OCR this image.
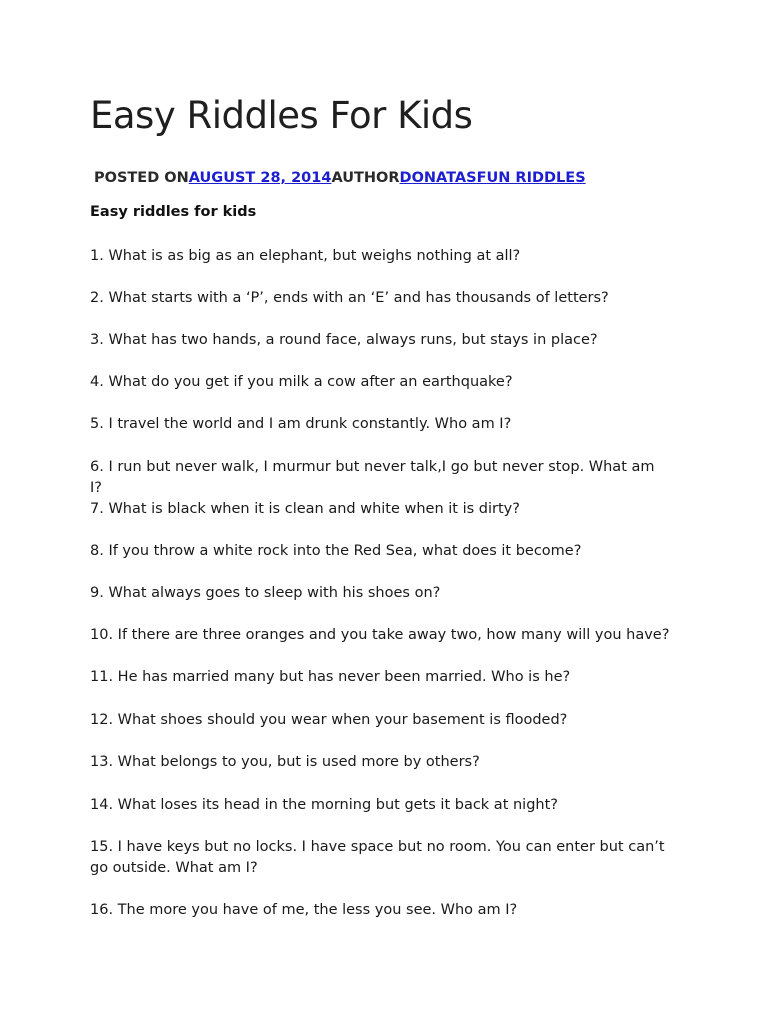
Easy Riddles For Kids
POSTED ONAUGUST 28, 2014AUTHORDONATASFUN RIDDLES
Easy riddles for kids
1. What is as big as an elephant, but weighs nothing at all?
2. What starts with a ‘P’, ends with an ‘E’ and has thousands of letters?
3. What has two hands, a round face, always runs, but stays in place?
4. What do you get if you milk a cow after an earthquake?
5. I travel the world and I am drunk constantly. Who am I?
6. I run but never walk, I murmur but never talk,I go but never stop. What am I?
7. What is black when it is clean and white when it is dirty?
8. If you throw a white rock into the Red Sea, what does it become?
9. What always goes to sleep with his shoes on?
10. If there are three oranges and you take away two, how many will you have?
11. He has married many but has never been married. Who is he?
12. What shoes should you wear when your basement is flooded?
13. What belongs to you, but is used more by others?
14. What loses its head in the morning but gets it back at night?
15. I have keys but no locks. I have space but no room. You can enter but can’t go outside. What am I?
16. The more you have of me, the less you see. Who am I?
